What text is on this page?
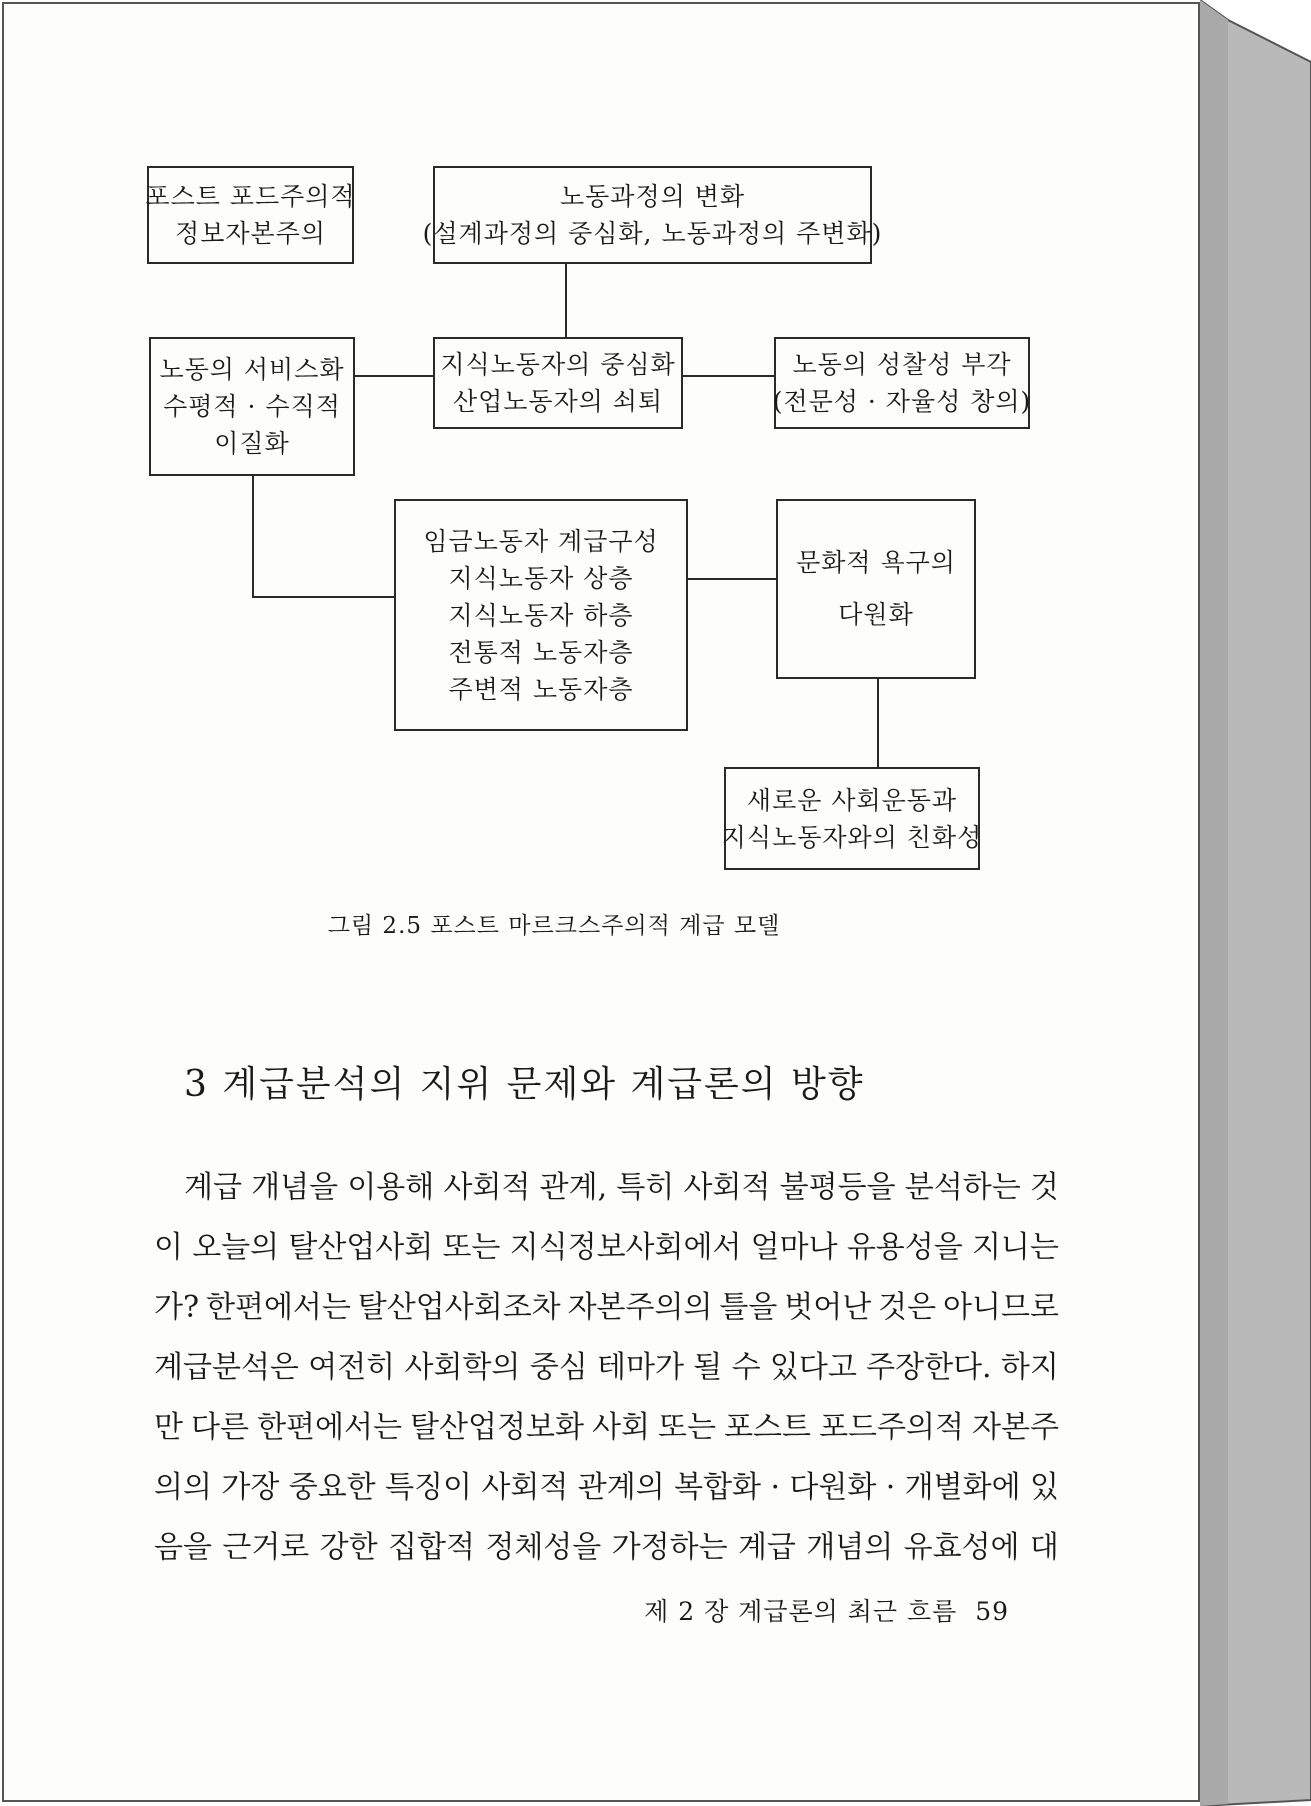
포스트 포드주의적
정보자본주의
노동과정의 변화
(설계과정의 중심화, 노동과정의 주변화)
노동의 서비스화
수평적 · 수직적
이질화
지식노동자의 중심화
산업노동자의 쇠퇴
노동의 성찰성 부각
(전문성 · 자율성 창의)
임금노동자 계급구성
지식노동자 상층
지식노동자 하층
전통적 노동자층
주변적 노동자층
문화적 욕구의
다원화
새로운 사회운동과
지식노동자와의 친화성
그림 2.5 포스트 마르크스주의적 계급 모델
3 계급분석의 지위 문제와 계급론의 방향
계급 개념을 이용해 사회적 관계, 특히 사회적 불평등을 분석하는 것
이 오늘의 탈산업사회 또는 지식정보사회에서 얼마나 유용성을 지니는
가? 한편에서는 탈산업사회조차 자본주의의 틀을 벗어난 것은 아니므로
계급분석은 여전히 사회학의 중심 테마가 될 수 있다고 주장한다. 하지
만 다른 한편에서는 탈산업정보화 사회 또는 포스트 포드주의적 자본주
의의 가장 중요한 특징이 사회적 관계의 복합화 · 다원화 · 개별화에 있
음을 근거로 강한 집합적 정체성을 가정하는 계급 개념의 유효성에 대
제 2 장 계급론의 최근 흐름 59
